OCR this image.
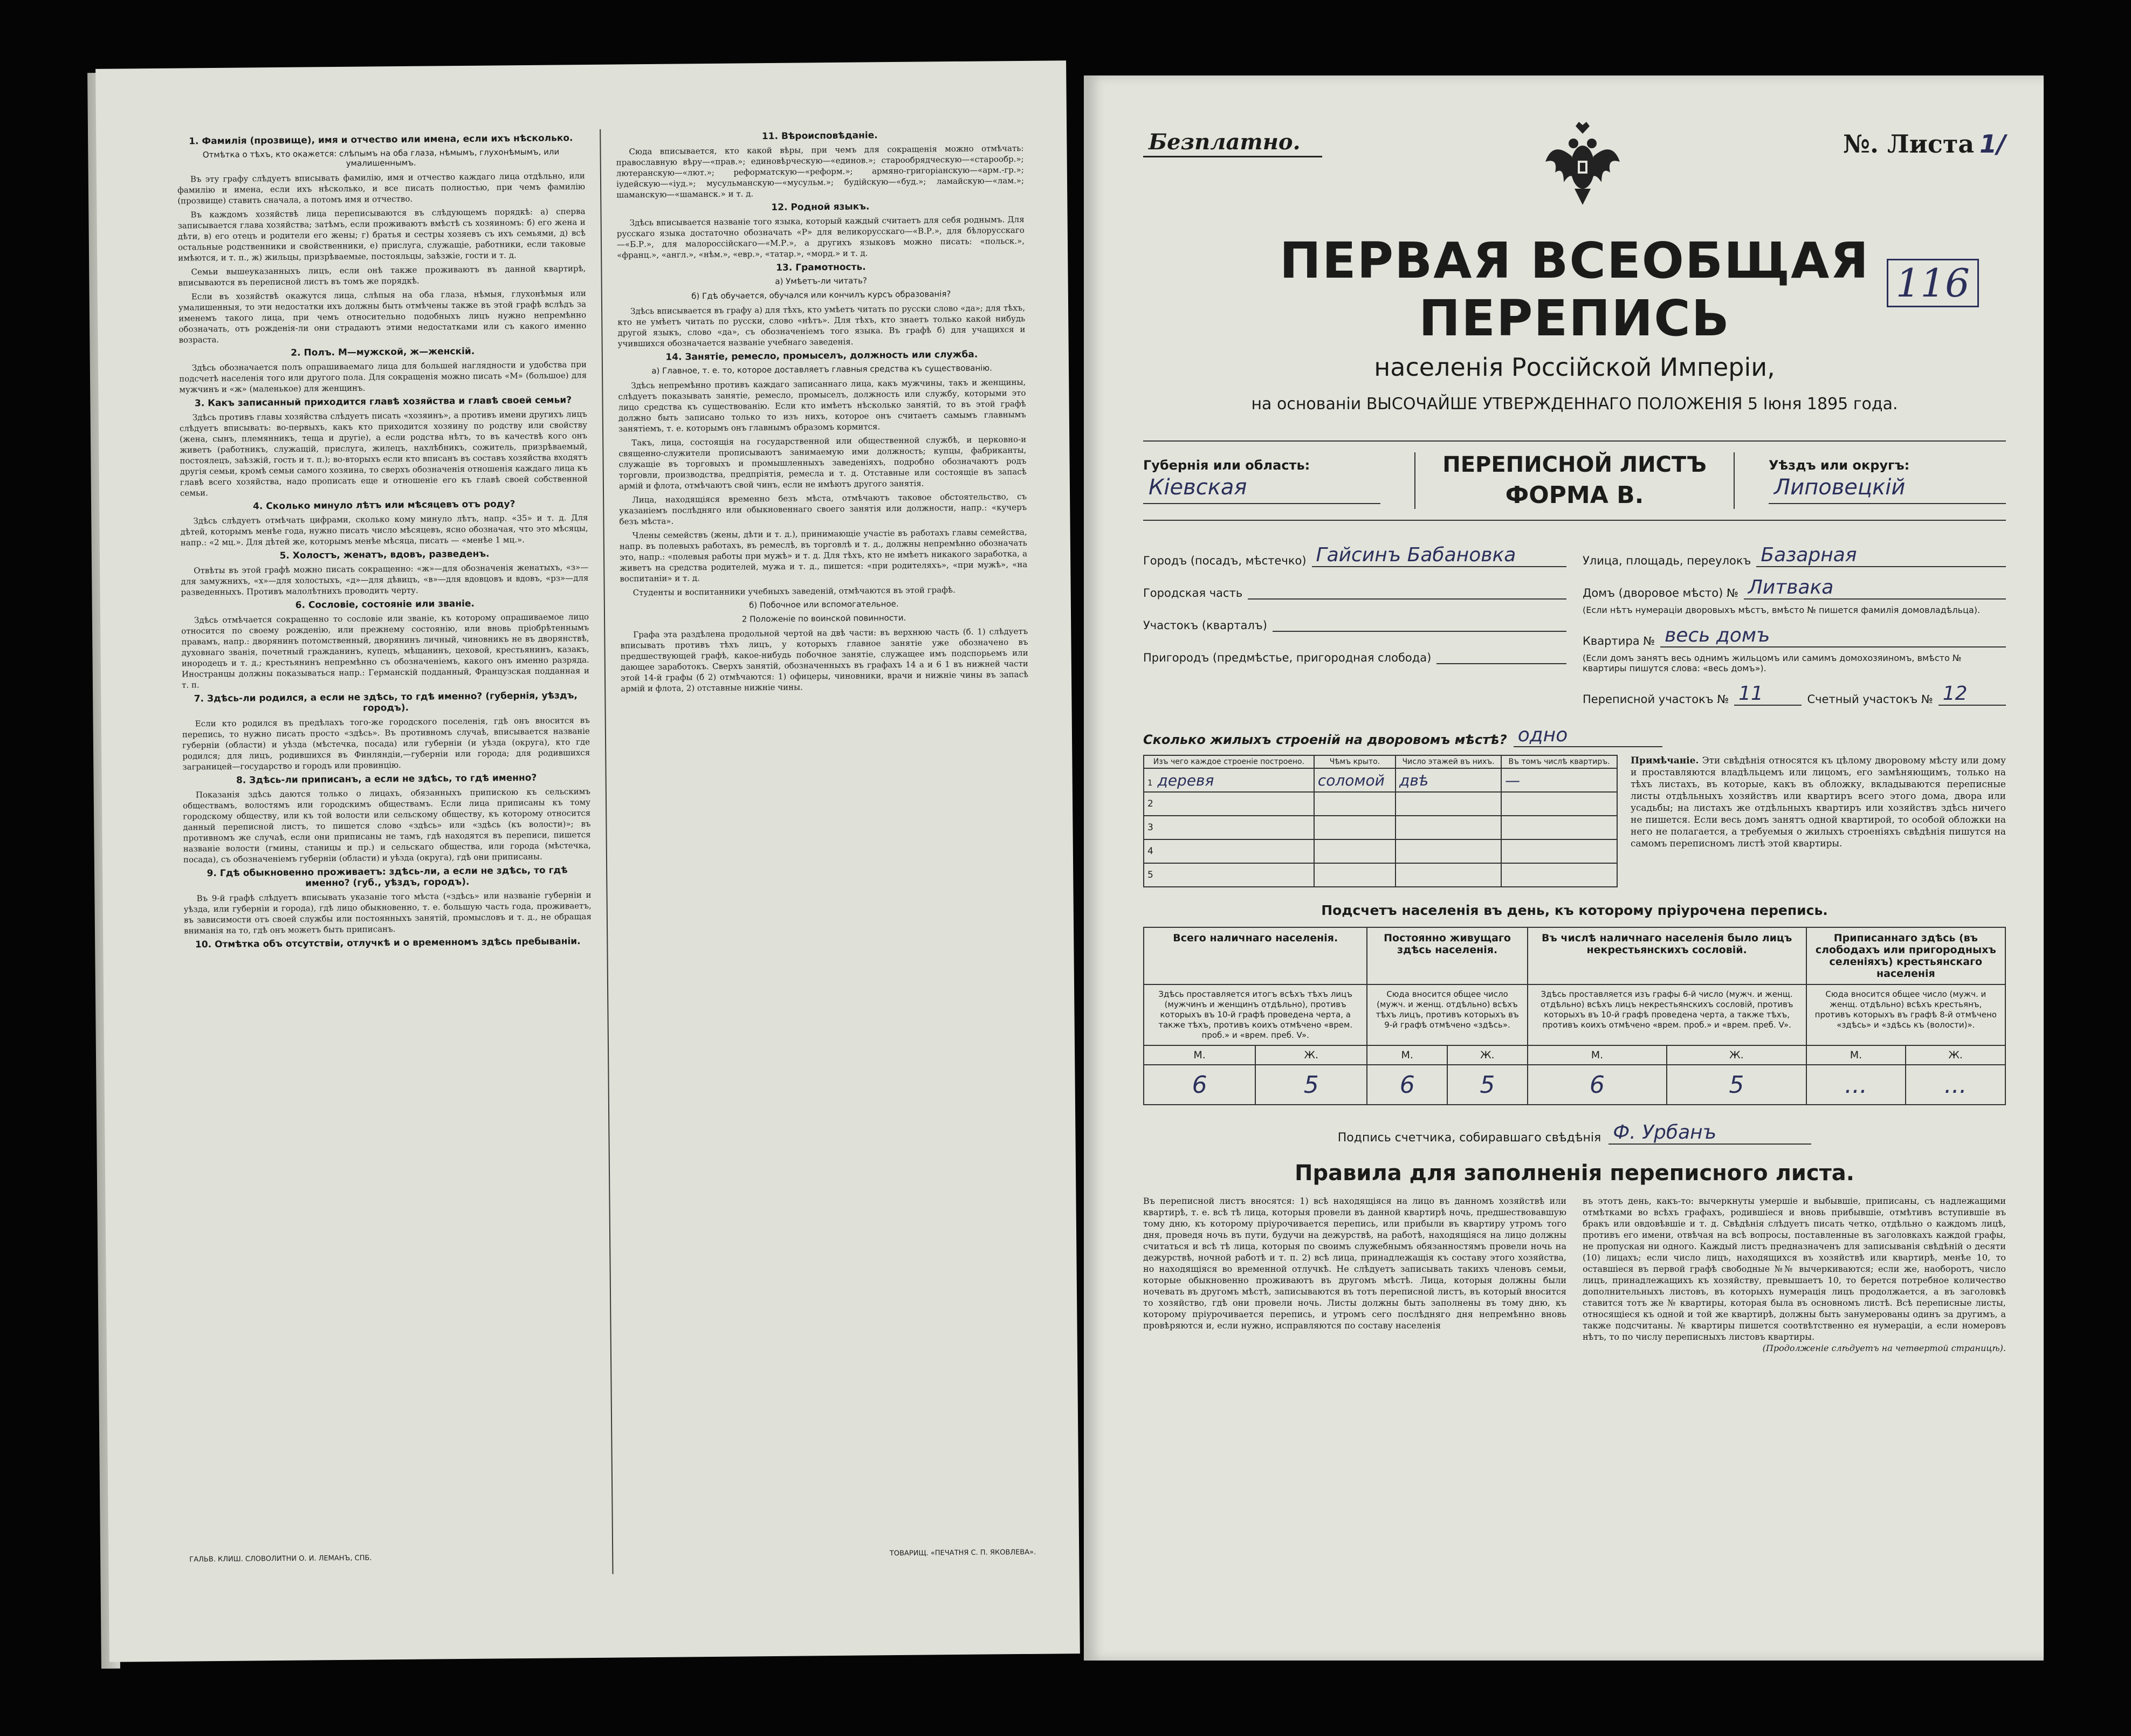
1. Фамилія (прозвище), имя и отчество или имена, если ихъ нѣсколько.
Отмѣтка о тѣхъ, кто окажется: слѣпымъ на оба глаза, нѣмымъ, глухонѣмымъ, или умалишеннымъ.

Въ эту графу слѣдуетъ вписывать фамилію, имя и отчество каждаго лица отдѣльно, или фамилію и имена, если ихъ нѣсколько, и все писать полностью, при чемъ фамилію (прозвище) ставить сначала, а потомъ имя и отчество.

Въ каждомъ хозяйствѣ лица переписываются въ слѣдующемъ порядкѣ: а) сперва записывается глава хозяйства; затѣмъ, если проживаютъ вмѣстѣ съ хозяиномъ: б) его жена и дѣти, в) его отецъ и родители его жены; г) братья и сестры хозяевъ съ ихъ семьями, д) всѣ остальные родственники и свойственники, е) прислуга, служащіе, работники, если таковые имѣются, и т. п., ж) жильцы, призрѣваемые, постояльцы, заѣзжіе, гости и т. д.

Семьи вышеуказанныхъ лицъ, если онѣ также проживаютъ въ данной квартирѣ, вписываются въ переписной листъ въ томъ же порядкѣ.

Если въ хозяйствѣ окажутся лица, слѣпыя на оба глаза, нѣмыя, глухонѣмыя или умалишенныя, то эти недостатки ихъ должны быть отмѣчены также въ этой графѣ вслѣдъ за именемъ такого лица, при чемъ относительно подобныхъ лицъ нужно непремѣнно обозначать, отъ рожденія-ли они страдаютъ этими недостатками или съ какого именно возраста.

2. Полъ. М—мужской, ж—женскій.

Здѣсь обозначается полъ опрашиваемаго лица для большей наглядности и удобства при подсчетѣ населенія того или другого пола. Для сокращенія можно писать «М» (большое) для мужчинъ и «ж» (маленькое) для женщинъ.

3. Какъ записанный приходится главѣ хозяйства и главѣ своей семьи?

Здѣсь противъ главы хозяйства слѣдуетъ писать «хозяинъ», а противъ имени другихъ лицъ слѣдуетъ вписывать: во-первыхъ, какъ кто приходится хозяину по родству или свойству (жена, сынъ, племянникъ, теща и другіе), а если родства нѣтъ, то въ качествѣ кого онъ живетъ (работникъ, служащій, прислуга, жилецъ, нахлѣбникъ, сожитель, призрѣваемый, постоялецъ, заѣзжій, гость и т. п.); во-вторыхъ если кто вписанъ въ составъ хозяйства входятъ другія семьи, кромѣ семьи самого хозяина, то сверхъ обозначенія отношенія каждаго лица къ главѣ всего хозяйства, надо прописать еще и отношеніе его къ главѣ своей собственной семьи.

4. Сколько минуло лѣтъ или мѣсяцевъ отъ роду?

Здѣсь слѣдуетъ отмѣчать цифрами, сколько кому минуло лѣтъ, напр. «35» и т. д. Для дѣтей, которымъ менѣе года, нужно писать число мѣсяцевъ, ясно обозначая, что это мѣсяцы, напр.: «2 мц.». Для дѣтей же, которымъ менѣе мѣсяца, писать — «менѣе 1 мц.».

5. Холостъ, женатъ, вдовъ, разведенъ.

Отвѣты въ этой графѣ можно писать сокращенно: «ж»—для обозначенія женатыхъ, «з»—для замужнихъ, «х»—для холостыхъ, «д»—для дѣвицъ, «в»—для вдовцовъ и вдовъ, «рз»—для разведенныхъ. Противъ малолѣтнихъ проводить черту.

6. Сословіе, состояніе или званіе.

Здѣсь отмѣчается сокращенно то сословіе или званіе, къ которому опрашиваемое лицо относится по своему рожденію, или прежнему состоянію, или вновь пріобрѣтеннымъ правамъ, напр.: дворянинъ потомственный, дворянинъ личный, чиновникъ не въ дворянствѣ, духовнаго званія, почетный гражданинъ, купецъ, мѣщанинъ, цеховой, крестьянинъ, казакъ, инородецъ и т. д.; крестьянинъ непремѣнно съ обозначеніемъ, какого онъ именно разряда. Иностранцы должны показываться напр.: Германскій подданный, Французская подданная и т. п.

7. Здѣсь-ли родился, а если не здѣсь, то гдѣ именно? (губернія, уѣздъ, городъ).

Если кто родился въ предѣлахъ того-же городского поселенія, гдѣ онъ вносится въ перепись, то нужно писать просто «здѣсь». Въ противномъ случаѣ, вписывается названіе губерніи (области) и уѣзда (мѣстечка, посада) или губерніи (и уѣзда (округа), кто где родился; для лицъ, родившихся въ Финляндіи,—губерніи или города; для родившихся заграницей—государство и городъ или провинцію.

8. Здѣсь-ли приписанъ, а если не здѣсь, то гдѣ именно?

Показанія здѣсь даются только о лицахъ, обязанныхъ припискою къ сельскимъ обществамъ, волостямъ или городскимъ обществамъ. Если лица приписаны къ тому городскому обществу, или къ той волости или сельскому обществу, къ которому относится данный переписной листъ, то пишется слово «здѣсь» или «здѣсь (къ волости)»; въ противномъ же случаѣ, если они приписаны не тамъ, гдѣ находятся въ переписи, пишется названіе волости (гмины, станицы и пр.) и сельскаго общества, или города (мѣстечка, посада), съ обозначеніемъ губерніи (области) и уѣзда (округа), гдѣ они приписаны.

9. Гдѣ обыкновенно проживаетъ: здѣсь-ли, а если не здѣсь, то гдѣ именно? (губ., уѣздъ, городъ).

Въ 9-й графѣ слѣдуетъ вписывать указаніе того мѣста («здѣсь» или названіе губерніи и уѣзда, или губерніи и города), гдѣ лицо обыкновенно, т. е. большую часть года, проживаетъ, въ зависимости отъ своей службы или постоянныхъ занятій, промысловъ и т. д., не обращая вниманія на то, гдѣ онъ можетъ быть приписанъ.

10. Отмѣтка объ отсутствіи, отлучкѣ и о временномъ здѣсь пребываніи.
ГАЛЬВ. КЛИШ. СЛОВОЛИТНИ О. И. ЛЕМАНЪ, СПБ.
11. Вѣроисповѣданіе.

Сюда вписывается, кто какой вѣры, при чемъ для сокращенія можно отмѣчать: православную вѣру—«прав.»; единовѣрческую—«единов.»; старообрядческую—«старообр.»; лютеранскую—«лют.»; реформатскую—«реформ.»; армяно-григоріанскую—«арм.-гр.»; іудейскую—«іуд.»; мусульманскую—«мусульм.»; будійскую—«буд.»; ламайскую—«лам.»; шаманскую—«шаманск.» и т. д.

12. Родной языкъ.

Здѣсь вписывается названіе того языка, который каждый считаетъ для себя роднымъ. Для русскаго языка достаточно обозначать «Р» для великорусскаго—«В.Р.», для бѣлорусскаго—«Б.Р.», для малороссійскаго—«М.Р.», а другихъ языковъ можно писать: «польск.», «франц.», «англ.», «нѣм.», «евр.», «татар.», «морд.» и т. д.

13. Грамотность.
а) Умѣетъ-ли читать?
б) Гдѣ обучается, обучался или кончилъ курсъ образованія?

Здѣсь вписывается въ графу а) для тѣхъ, кто умѣетъ читать по русски слово «да»; для тѣхъ, кто не умѣетъ читать по русски, слово «нѣтъ». Для тѣхъ, кто знаетъ только какой нибудь другой языкъ, слово «да», съ обозначеніемъ того языка. Въ графѣ б) для учащихся и учившихся обозначается названіе учебнаго заведенія.

14. Занятіе, ремесло, промыселъ, должность или служба.
а) Главное, т. е. то, которое доставляетъ главныя средства къ существованію.

Здѣсь непремѣнно противъ каждаго записаннаго лица, какъ мужчины, такъ и женщины, слѣдуетъ показывать занятіе, ремесло, промыселъ, должность или службу, которыми это лицо средства къ существованію. Если кто имѣетъ нѣсколько занятій, то въ этой графѣ должно быть записано только то изъ нихъ, которое онъ считаетъ самымъ главнымъ занятіемъ, т. е. которымъ онъ главнымъ образомъ кормится.

Такъ, лица, состоящія на государственной или общественной службѣ, и церковно-и священно-служители прописываютъ занимаемую ими должность; купцы, фабриканты, служащіе въ торговыхъ и промышленныхъ заведеніяхъ, подробно обозначаютъ родъ торговли, производства, предпріятія, ремесла и т. д. Отставные или состоящіе въ запасѣ армій и флота, отмѣчаютъ свой чинъ, если не имѣютъ другого занятія.

Лица, находящіяся временно безъ мѣста, отмѣчаютъ таковое обстоятельство, съ указаніемъ послѣдняго или обыкновеннаго своего занятія или должности, напр.: «кучеръ безъ мѣста».

Члены семействъ (жены, дѣти и т. д.), принимающіе участіе въ работахъ главы семейства, напр. въ полевыхъ работахъ, въ ремеслѣ, въ торговлѣ и т. д., должны непремѣнно обозначать это, напр.: «полевыя работы при мужѣ» и т. д. Для тѣхъ, кто не имѣетъ никакого заработка, а живетъ на средства родителей, мужа и т. д., пишется: «при родителяхъ», «при мужѣ», «на воспитаніи» и т. д.

Студенты и воспитанники учебныхъ заведеній, отмѣчаются въ этой графѣ.

б) Побочное или вспомогательное.
2 Положеніе по воинской повинности.

Графа эта раздѣлена продольной чертой на двѣ части: въ верхнюю часть (б. 1) слѣдуетъ вписывать противъ тѣхъ лицъ, у которыхъ главное занятіе уже обозначено въ предшествующей графѣ, какое-нибудь побочное занятіе, служащее имъ подспорьемъ или дающее заработокъ. Сверхъ занятій, обозначенныхъ въ графахъ 14 а и 6 1 въ нижней части этой 14-й графы (б 2) отмѣчаются: 1) офицеры, чиновники, врачи и нижніе чины въ запасѣ армій и флота, 2) отставные нижніе чины.

ТОВАРИЩ. «ПЕЧАТНЯ С. П. ЯКОВЛЕВА».
Безплатно.	№. Листа 1/
116
ПЕРВАЯ ВСЕОБЩАЯ ПЕРЕПИСЬ
населенія Россійской Имперіи,
на основаніи ВЫСОЧАЙШЕ УТВЕРЖДЕННАГО ПОЛОЖЕНІЯ 5 Іюня 1895 года.
Губернія или область:
Кіевская
ПЕРЕПИСНОЙ ЛИСТЪ
ФОРМА В.
Уѣздъ или округъ:
Липовецкій
Городъ (посадъ, мѣстечко) Гайсинъ Бабановка
Городская часть
Участокъ (кварталъ)
Пригородъ (предмѣстье, пригородная слобода)
Улица, площадь, переулокъ Базарная
Домъ (дворовое мѣсто) № Литвака
(Если нѣтъ нумераціи дворовыхъ мѣстъ, вмѣсто № пишется фамилія домовладѣльца).
Квартира № весь домъ
(Если домъ занятъ весь однимъ жильцомъ или самимъ домохозяиномъ, вмѣсто № квартиры пишутся слова: «весь домъ»).
Переписной участокъ № 11	Счетный участокъ № 12
Сколько жилыхъ строеній на дворовомъ мѣстѣ? одно
Изъ чего каждое строеніе построено.	Чѣмъ крыто.	Число этажей въ нихъ.	Въ томъ числѣ квартиръ.
1 деревя	соломой	двѣ	—
2			
3			
4			
5			
Примѣчаніе. Эти свѣдѣнія относятся къ цѣлому дворовому мѣсту или дому и проставляются владѣльцемъ или лицомъ, его замѣняющимъ, только на тѣхъ листахъ, въ которые, какъ въ обложку, вкладываются переписные листы отдѣльныхъ хозяйствъ или квартиръ всего этого дома, двора или усадьбы; на листахъ же отдѣльныхъ квартиръ или хозяйствъ здѣсь ничего не пишется. Если весь домъ занятъ одной квартирой, то особой обложки на него не полагается, а требуемыя о жилыхъ строеніяхъ свѣдѣнія пишутся на самомъ переписномъ листѣ этой квартиры.
Подсчетъ населенія въ день, къ которому пріурочена перепись.
Всего наличнаго населенія.		Постоянно живущаго здѣсь населенія.		Въ числѣ наличнаго населенія было лицъ некрестьянскихъ сословій.		Приписаннаго здѣсь (въ слободахъ или пригородныхъ селеніяхъ) крестьянскаго населенія	
Здѣсь проставляется итогъ всѣхъ тѣхъ лицъ (мужчинъ и женщинъ отдѣльно), противъ которыхъ въ 10-й графѣ проведена черта, а также тѣхъ, противъ коихъ отмѣчено «врем. проб.» и «врем. преб. V».		Сюда вносится общее число (мужч. и женщ. отдѣльно) всѣхъ тѣхъ лицъ, противъ которыхъ въ 9-й графѣ отмѣчено «здѣсь».		Здѣсь проставляется изъ графы 6-й число (мужч. и женщ. отдѣльно) всѣхъ лицъ некрестьянскихъ сословій, противъ которыхъ въ 10-й графѣ проведена черта, а также тѣхъ, противъ коихъ отмѣчено «врем. проб.» и «врем. преб. V».		Сюда вносится общее число (мужч. и женщ. отдѣльно) всѣхъ крестьянъ, противъ которыхъ въ графѣ 8-й отмѣчено «здѣсь» и «здѣсь къ (волости)».	
М.	Ж.	М.	Ж.	М.	Ж.	М.	Ж.
6	5	6	5	6	5	...	...
Подпись счетчика, собиравшаго свѣдѣнія Ф. Урбанъ
Правила для заполненія переписного листа.
Въ переписной листъ вносятся: 1) всѣ находящіяся на лицо въ данномъ хозяйствѣ или квартирѣ, т. е. всѣ тѣ лица, которыя провели въ данной квартирѣ ночь, предшествовавшую тому дню, къ которому пріурочивается перепись, или прибыли въ квартиру утромъ того дня, проведя ночь въ пути, будучи на дежурствѣ, на работѣ, находящіяся на лицо должны считаться и всѣ тѣ лица, которыя по своимъ служебнымъ обязанностямъ провели ночь на дежурствѣ, ночной работѣ и т. п. 2) всѣ лица, принадлежащія къ составу этого хозяйства, но находящіяся во временной отлучкѣ. Не слѣдуетъ записывать такихъ членовъ семьи, которые обыкновенно проживаютъ въ другомъ мѣстѣ. Лица, которыя должны были ночевать въ другомъ мѣстѣ, записываются въ тотъ переписной листъ, въ который вносится то хозяйство, гдѣ они провели ночь. Листы должны быть заполнены въ тому дню, къ которому пріурочивается перепись, и утромъ сего послѣдняго дня непремѣнно вновь провѣряются и, если нужно, исправляются по составу населенія
въ этотъ день, какъ-то: вычеркнуты умершіе и выбывшіе, приписаны, съ надлежащими отмѣтками во всѣхъ графахъ, родившіеся и вновь прибывшіе, отмѣтивъ вступившіе въ бракъ или овдовѣвшіе и т. д. Свѣдѣнія слѣдуетъ писать четко, отдѣльно о каждомъ лицѣ, противъ его имени, отвѣчая на всѣ вопросы, поставленные въ заголовкахъ каждой графы, не пропуская ни одного. Каждый листъ предназначенъ для записыванія свѣдѣній о десяти (10) лицахъ; если число лицъ, находящихся въ хозяйствѣ или квартирѣ, менѣе 10, то оставшіеся въ первой графѣ свободные №№ вычеркиваются; если же, наоборотъ, число лицъ, принадлежащихъ къ хозяйству, превышаетъ 10, то берется потребное количество дополнительныхъ листовъ, въ которыхъ нумерація лицъ продолжается, а въ заголовкѣ ставится тотъ же № квартиры, которая была въ основномъ листѣ. Всѣ переписные листы, относящіеся къ одной и той же квартирѣ, должны быть занумерованы одинъ за другимъ, а также подсчитаны. № квартиры пишется соотвѣтственно ея нумераціи, а если номеровъ нѣтъ, то по числу переписныхъ листовъ квартиры.
(Продолженіе слѣдуетъ на четвертой страницѣ).
